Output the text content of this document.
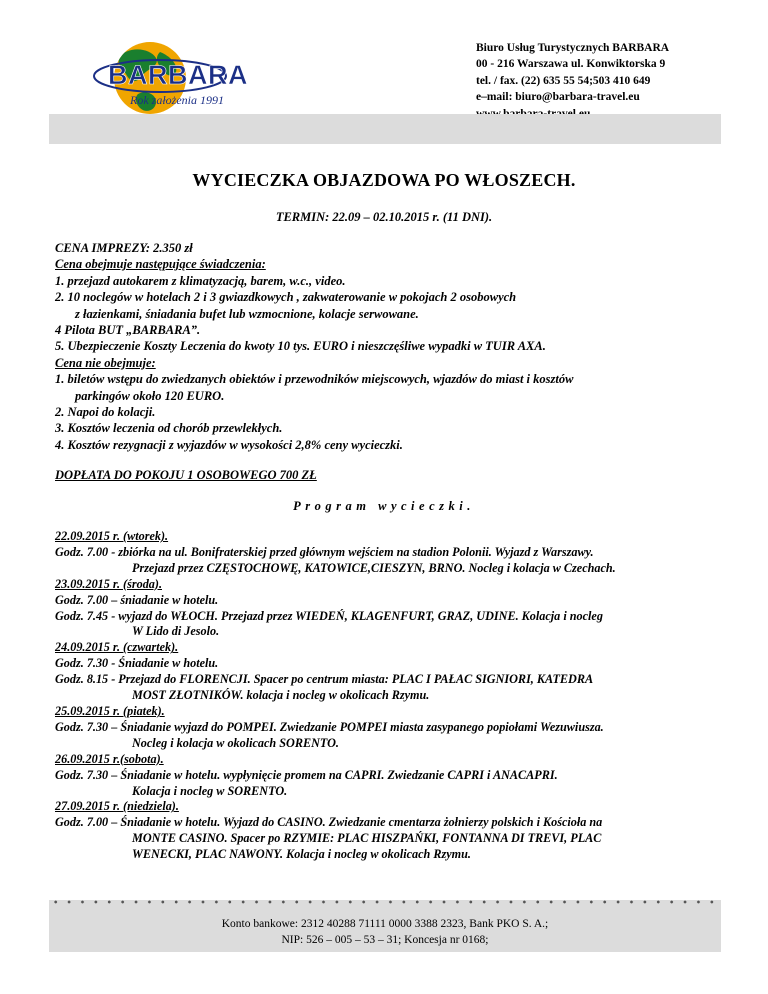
BARBARA
Rok założenia 1991
Biuro Usług Turystycznych BARBARA
00 - 216 Warszawa ul. Konwiktorska 9
tel. / fax. (22) 635 55 54;503 410 649
e–mail: biuro@barbara-travel.eu
WYCIECZKA OBJAZDOWA PO WŁOSZECH.
TERMIN: 22.09 – 02.10.2015 r. (11 DNI).

CENA IMPREZY: 2.350 zł

Cena obejmuje następujące świadczenia:

1. przejazd autokarem z klimatyzacją, barem, w.c., video.

2. 10 noclegów w hotelach 2 i 3 gwiazdkowych , zakwaterowanie w pokojach 2 osobowych

z łazienkami, śniadania bufet lub wzmocnione, kolacje serwowane.

4 Pilota BUT „BARBARA”.

5. Ubezpieczenie Koszty Leczenia do kwoty 10 tys. EURO i nieszczęśliwe wypadki w TUIR AXA.

Cena nie obejmuje:

1. biletów wstępu do zwiedzanych obiektów i przewodników miejscowych, wjazdów do miast i kosztów

parkingów około 120 EURO.

2. Napoi do kolacji.

3. Kosztów leczenia od chorób przewlekłych.

4. Kosztów rezygnacji z wyjazdów w wysokości 2,8% ceny wycieczki.

DOPŁATA DO POKOJU 1 OSOBOWEGO 700 ZŁ
Program wycieczki.

22.09.2015 r. (wtorek).

Godz. 7.00 - zbiórka na ul. Bonifraterskiej przed głównym wejściem na stadion Polonii. Wyjazd z Warszawy.

Przejazd przez CZĘSTOCHOWĘ, KATOWICE,CIESZYN, BRNO. Nocleg i kolacja w Czechach.

23.09.2015 r. (środa).

Godz. 7.00 – śniadanie w hotelu.

Godz. 7.45 - wyjazd do WŁOCH. Przejazd przez WIEDEŃ, KLAGENFURT, GRAZ, UDINE. Kolacja i nocleg

W Lido di Jesolo.

24.09.2015 r. (czwartek).

Godz. 7.30 - Śniadanie w hotelu.

Godz. 8.15 - Przejazd do FLORENCJI. Spacer po centrum miasta: PLAC I PAŁAC SIGNIORI, KATEDRA

MOST ZŁOTNIKÓW. kolacja i nocleg w okolicach Rzymu.

25.09.2015 r. (piatek).

Godz. 7.30 – Śniadanie wyjazd do POMPEI. Zwiedzanie POMPEI miasta zasypanego popiołami Wezuwiusza.

Nocleg i kolacja w okolicach SORENTO.

26.09.2015 r.(sobota).

Godz. 7.30 – Śniadanie w hotelu. wypłynięcie promem na CAPRI. Zwiedzanie CAPRI i ANACAPRI.

Kolacja i nocleg w SORENTO.

27.09.2015 r. (niedziela).

Godz. 7.00 – Śniadanie w hotelu. Wyjazd do CASINO. Zwiedzanie cmentarza żołnierzy polskich i Kościoła na

MONTE CASINO. Spacer po RZYMIE: PLAC HISZPAŃKI, FONTANNA DI TREVI, PLAC

WENECKI, PLAC NAWONY. Kolacja i nocleg w okolicach Rzymu.

Konto bankowe: 2312 40288 71111 0000 3388 2323, Bank PKO S. A.;
NIP: 526 – 005 – 53 – 31; Koncesja nr 0168;
